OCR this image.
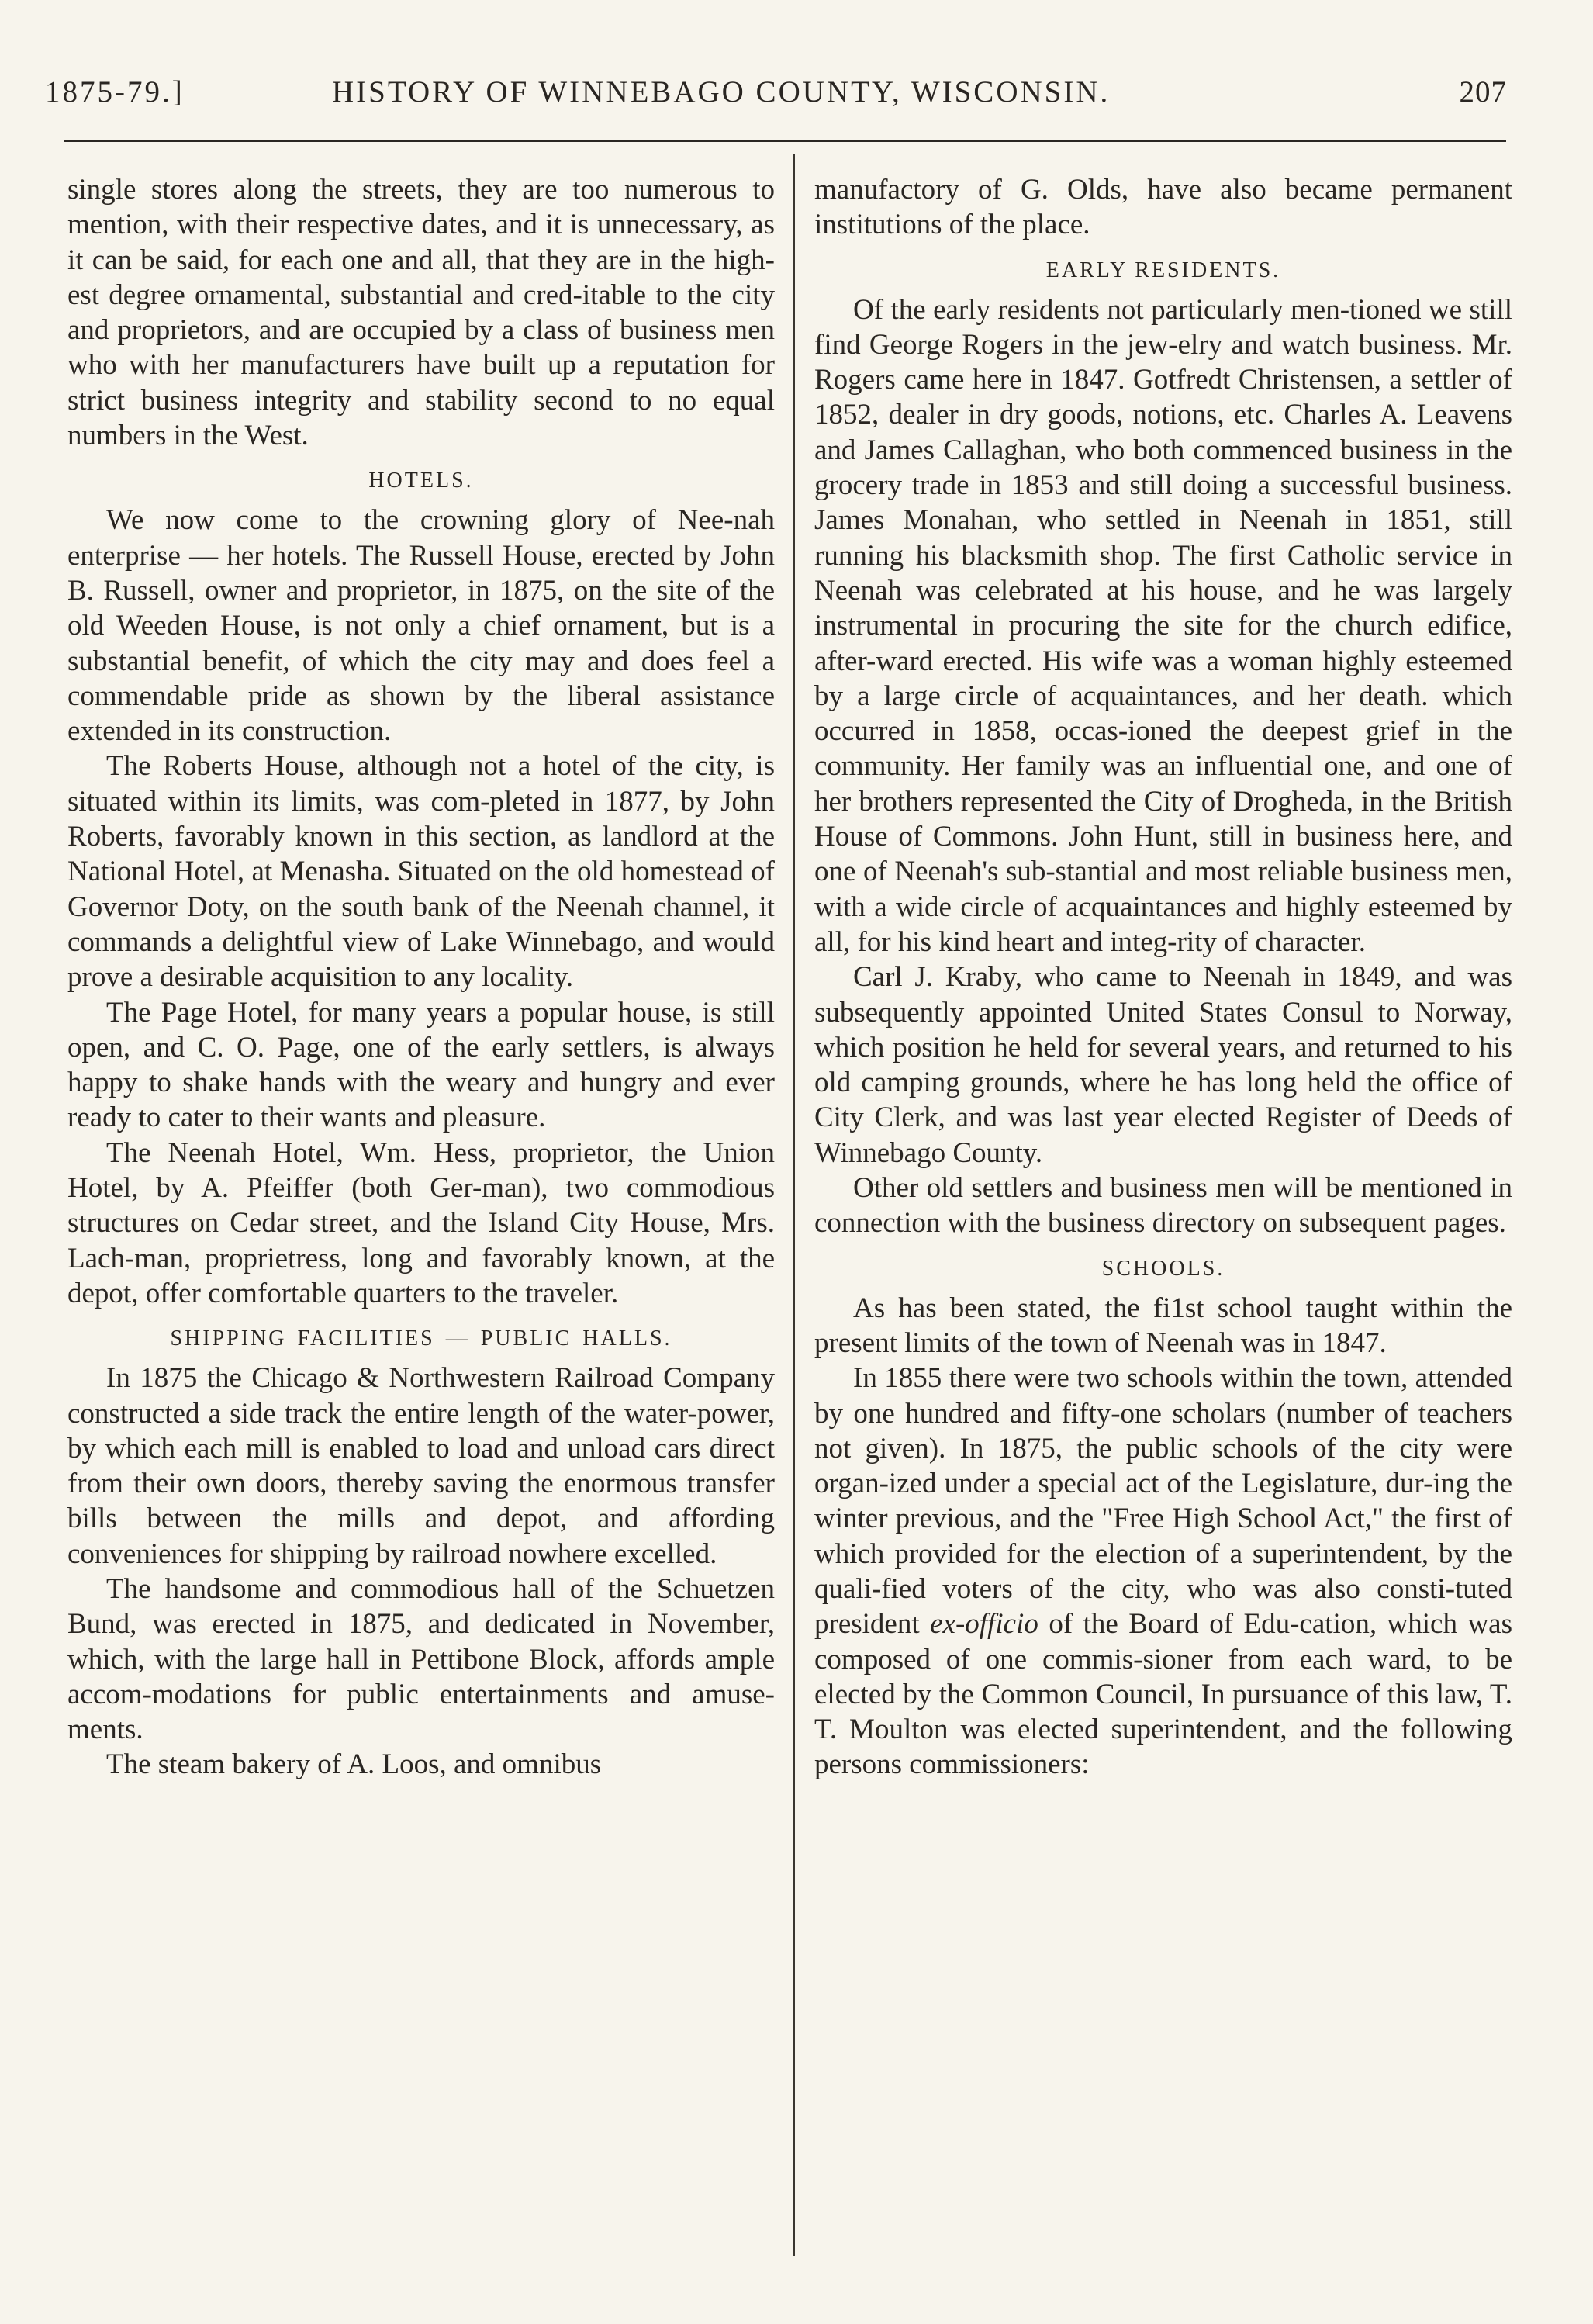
1875-79.]	HISTORY OF WINNEBAGO COUNTY, WISCONSIN.	207

single stores along the streets, they are too numerous to mention, with their respective dates, and it is unnecessary, as it can be said, for each one and all, that they are in the high-est degree ornamental, substantial and cred-itable to the city and proprietors, and are occupied by a class of business men who with her manufacturers have built up a reputation for strict business integrity and stability second to no equal numbers in the West.

HOTELS.

We now come to the crowning glory of Nee-nah enterprise — her hotels. The Russell House, erected by John B. Russell, owner and proprietor, in 1875, on the site of the old Weeden House, is not only a chief ornament, but is a substantial benefit, of which the city may and does feel a commendable pride as shown by the liberal assistance extended in its construction.

The Roberts House, although not a hotel of the city, is situated within its limits, was com-pleted in 1877, by John Roberts, favorably known in this section, as landlord at the National Hotel, at Menasha. Situated on the old homestead of Governor Doty, on the south bank of the Neenah channel, it commands a delightful view of Lake Winnebago, and would prove a desirable acquisition to any locality.

The Page Hotel, for many years a popular house, is still open, and C. O. Page, one of the early settlers, is always happy to shake hands with the weary and hungry and ever ready to cater to their wants and pleasure.

The Neenah Hotel, Wm. Hess, proprietor, the Union Hotel, by A. Pfeiffer (both Ger-man), two commodious structures on Cedar street, and the Island City House, Mrs. Lach-man, proprietress, long and favorably known, at the depot, offer comfortable quarters to the traveler.

SHIPPING FACILITIES — PUBLIC HALLS.

In 1875 the Chicago & Northwestern Railroad Company constructed a side track the entire length of the water-power, by which each mill is enabled to load and unload cars direct from their own doors, thereby saving the enormous transfer bills between the mills and depot, and affording conveniences for shipping by railroad nowhere excelled.

The handsome and commodious hall of the Schuetzen Bund, was erected in 1875, and dedicated in November, which, with the large hall in Pettibone Block, affords ample accom-modations for public entertainments and amuse-ments.

The steam bakery of A. Loos, and omnibus

manufactory of G. Olds, have also became permanent institutions of the place.

EARLY RESIDENTS.

Of the early residents not particularly men-tioned we still find George Rogers in the jew-elry and watch business. Mr. Rogers came here in 1847. Gotfredt Christensen, a settler of 1852, dealer in dry goods, notions, etc. Charles A. Leavens and James Callaghan, who both commenced business in the grocery trade in 1853 and still doing a successful business. James Monahan, who settled in Neenah in 1851, still running his blacksmith shop. The first Catholic service in Neenah was celebrated at his house, and he was largely instrumental in procuring the site for the church edifice, after-ward erected. His wife was a woman highly esteemed by a large circle of acquaintances, and her death. which occurred in 1858, occas-ioned the deepest grief in the community. Her family was an influential one, and one of her brothers represented the City of Drogheda, in the British House of Commons. John Hunt, still in business here, and one of Neenah's sub-stantial and most reliable business men, with a wide circle of acquaintances and highly esteemed by all, for his kind heart and integ-rity of character.

Carl J. Kraby, who came to Neenah in 1849, and was subsequently appointed United States Consul to Norway, which position he held for several years, and returned to his old camping grounds, where he has long held the office of City Clerk, and was last year elected Register of Deeds of Winnebago County.

Other old settlers and business men will be mentioned in connection with the business directory on subsequent pages.

SCHOOLS.

As has been stated, the fi1st school taught within the present limits of the town of Neenah was in 1847.

In 1855 there were two schools within the town, attended by one hundred and fifty-one scholars (number of teachers not given). In 1875, the public schools of the city were organ-ized under a special act of the Legislature, dur-ing the winter previous, and the "Free High School Act," the first of which provided for the election of a superintendent, by the quali-fied voters of the city, who was also consti-tuted president ex-officio of the Board of Edu-cation, which was composed of one commis-sioner from each ward, to be elected by the Common Council, In pursuance of this law, T. T. Moulton was elected superintendent, and the following persons commissioners:
